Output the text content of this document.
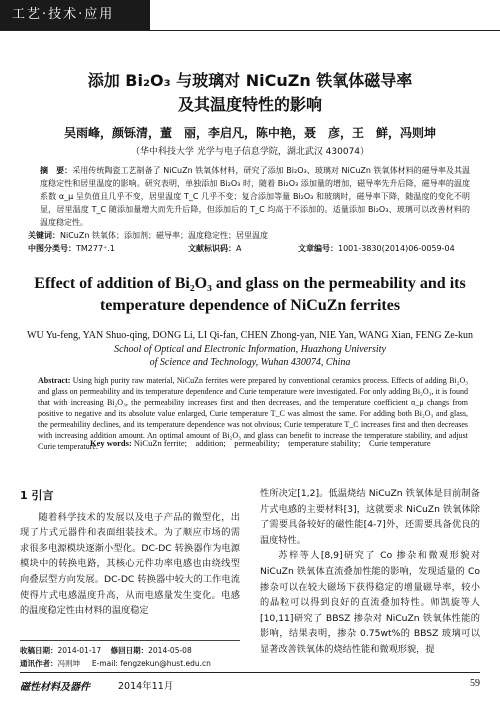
工艺·技术·应用
添加 Bi₂O₃ 与玻璃对 NiCuZn 铁氧体磁导率
及其温度特性的影响
吴雨峰，颜铄清，董　丽，李启凡，陈中艳，聂　彦，王　鲜，冯则坤
（华中科技大学 光学与电子信息学院，湖北武汉 430074）
摘　要：采用传统陶瓷工艺制备了 NiCuZn 铁氧体材料，研究了添加 Bi₂O₃、玻璃对 NiCuZn 铁氧体材料的磁导率及其温度稳定性和居里温度的影响。研究表明，单独添加 Bi₂O₃ 时，随着 Bi₂O₃ 添加量的增加，磁导率先升后降，磁导率的温度系数 α_μ 呈负值且几乎不变，居里温度 T_C 几乎不变；复合添加等量 Bi₂O₃ 和玻璃时，磁导率下降，随温度的变化不明显，居里温度 T_C 随添加量增大而先升后降，但添加后的 T_C 均高于不添加的。适量添加 Bi₂O₃、玻璃可以改善材料的温度稳定性。
关键词：NiCuZn 铁氧体；添加剂；磁导率；温度稳定性；居里温度
中图分类号：TM277⁺.1	文献标识码：A	文章编号：1001-3830(2014)06-0059-04
Effect of addition of Bi₂O₃ and glass on the permeability and its
temperature dependence of NiCuZn ferrites
WU Yu-feng, YAN Shuo-qing, DONG Li, LI Qi-fan, CHEN Zhong-yan, NIE Yan, WANG Xian, FENG Ze-kun
School of Optical and Electronic Information, Huazhong University
of Science and Technology, Wuhan 430074, China
Abstract: Using high purity raw material, NiCuZn ferrites were prepared by conventional ceramics process. Effects of adding Bi₂O₃ and glass on permeability and its temperature dependence and Curie temperature were investigated. For only adding Bi₂O₃, it is found that with increasing Bi₂O₃, the permeability increases first and then decreases, and the temperature coefficient α_μ changs from positive to negative and its absolute value enlarged, Curie temperature T_C was almost the same. For adding both Bi₂O₃ and glass, the permeability declines, and its temperature dependence was not obvious; Curie temperature T_C increases first and then decreases with increasing addition amount. An optimal amount of Bi₂O₃ and glass can benefit to increase the temperature stability, and adjust Curie temperature.
Key words: NiCuZn ferrite;　addition;　permeability;　temperature stability;　Curie temperature
1 引言
随着科学技术的发展以及电子产品的微型化，出现了片式元器件和表面组装技术。为了顺应市场的需求很多电源模块逐渐小型化。DC-DC 转换器作为电源模块中的转换电路，其核心元件功率电感也由绕线型向叠层型方向发展。DC-DC 转换器中较大的工作电流使得片式电感温度升高，从而电感量发生变化。电感的温度稳定性由材料的温度稳定
性所决定[1,2]。低温烧结 NiCuZn 铁氧体是目前制备片式电感的主要材料[3]，这就要求 NiCuZn 铁氧体除了需要具备较好的磁性能[4-7]外，还需要具备优良的温度特性。
苏梓等人[8,9]研究了 Co 掺杂和微观形貌对 NiCuZn 铁氧体直流叠加性能的影响，发现适量的 Co 掺杂可以在较大磁场下获得稳定的增量磁导率，较小的晶粒可以得到良好的直流叠加特性。师凯旋等人[10,11]研究了 BBSZ 掺杂对 NiCuZn 铁氧体性能的影响，结果表明，掺杂 0.75wt%的 BBSZ 玻璃可以显著改善铁氧体的烧结性能和微观形貌，提
收稿日期：2014-01-17 修回日期：2014-05-08
通讯作者：冯则坤 E-mail: fengzekun@hust.edu.cn
磁性材料及器件	2014年11月	59
